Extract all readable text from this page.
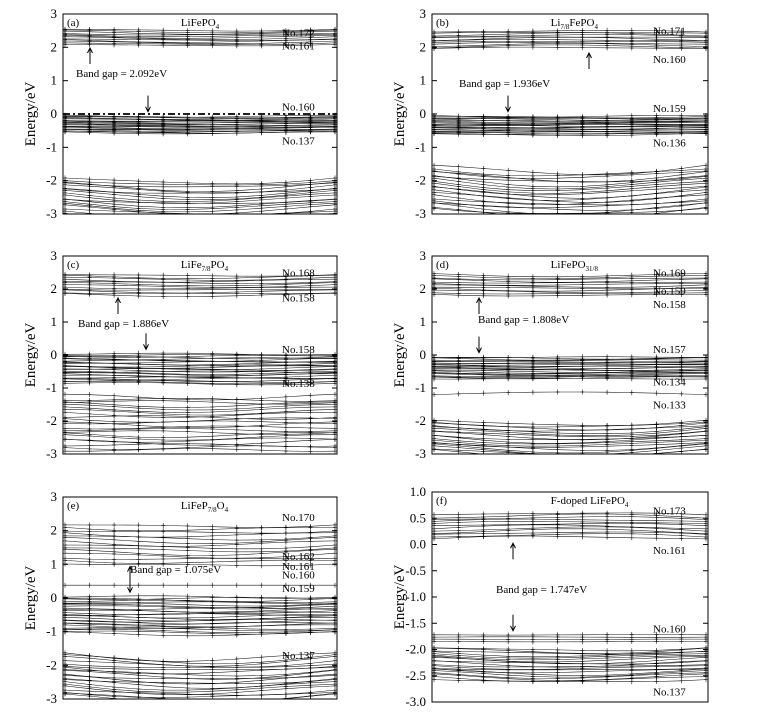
3
2
1
0
-1
-2
-3
Energy/eV
(a)	LiFePO$_4$
No.172
No.161
No.160
No.137
Band gap = 2.092eV
3
2
1
0
-1
-2
-3
Energy/eV
(b)	$Li_{7/8}FePO_4$	No.171
No.160
No.159
No.136
Band gap = 1.936eV
3
2
1
0
-1
-2
-3
Energy/eV
(c)	$LiFe_{7/8}PO_4$	No.168
No.158
No.158
No.138
Band gap = 1.886eV
3
2
1
0
-1
-2
-3
Energy/eV
(d)	LiFePO$_{31/8}$	No.169
No.159
No.158
No.157
No.134
No.133
Band gap = 1.808eV
3
2
1
0
-1
-2
-3
Energy/eV
(e)	$LiFeP_{7/8}O_4$
No.170
No.162
No.161
No.160
No.159
No.137
Band gap = 1.075eV
1.0
0.5
0.0
-0.5
-1.0
-1.5
-2.0
-2.5
-3.0
Energy/eV
(f)	F-doped LiFePO$_4$
No.173
No.161
No.160
No.137
Band gap = 1.747eV
